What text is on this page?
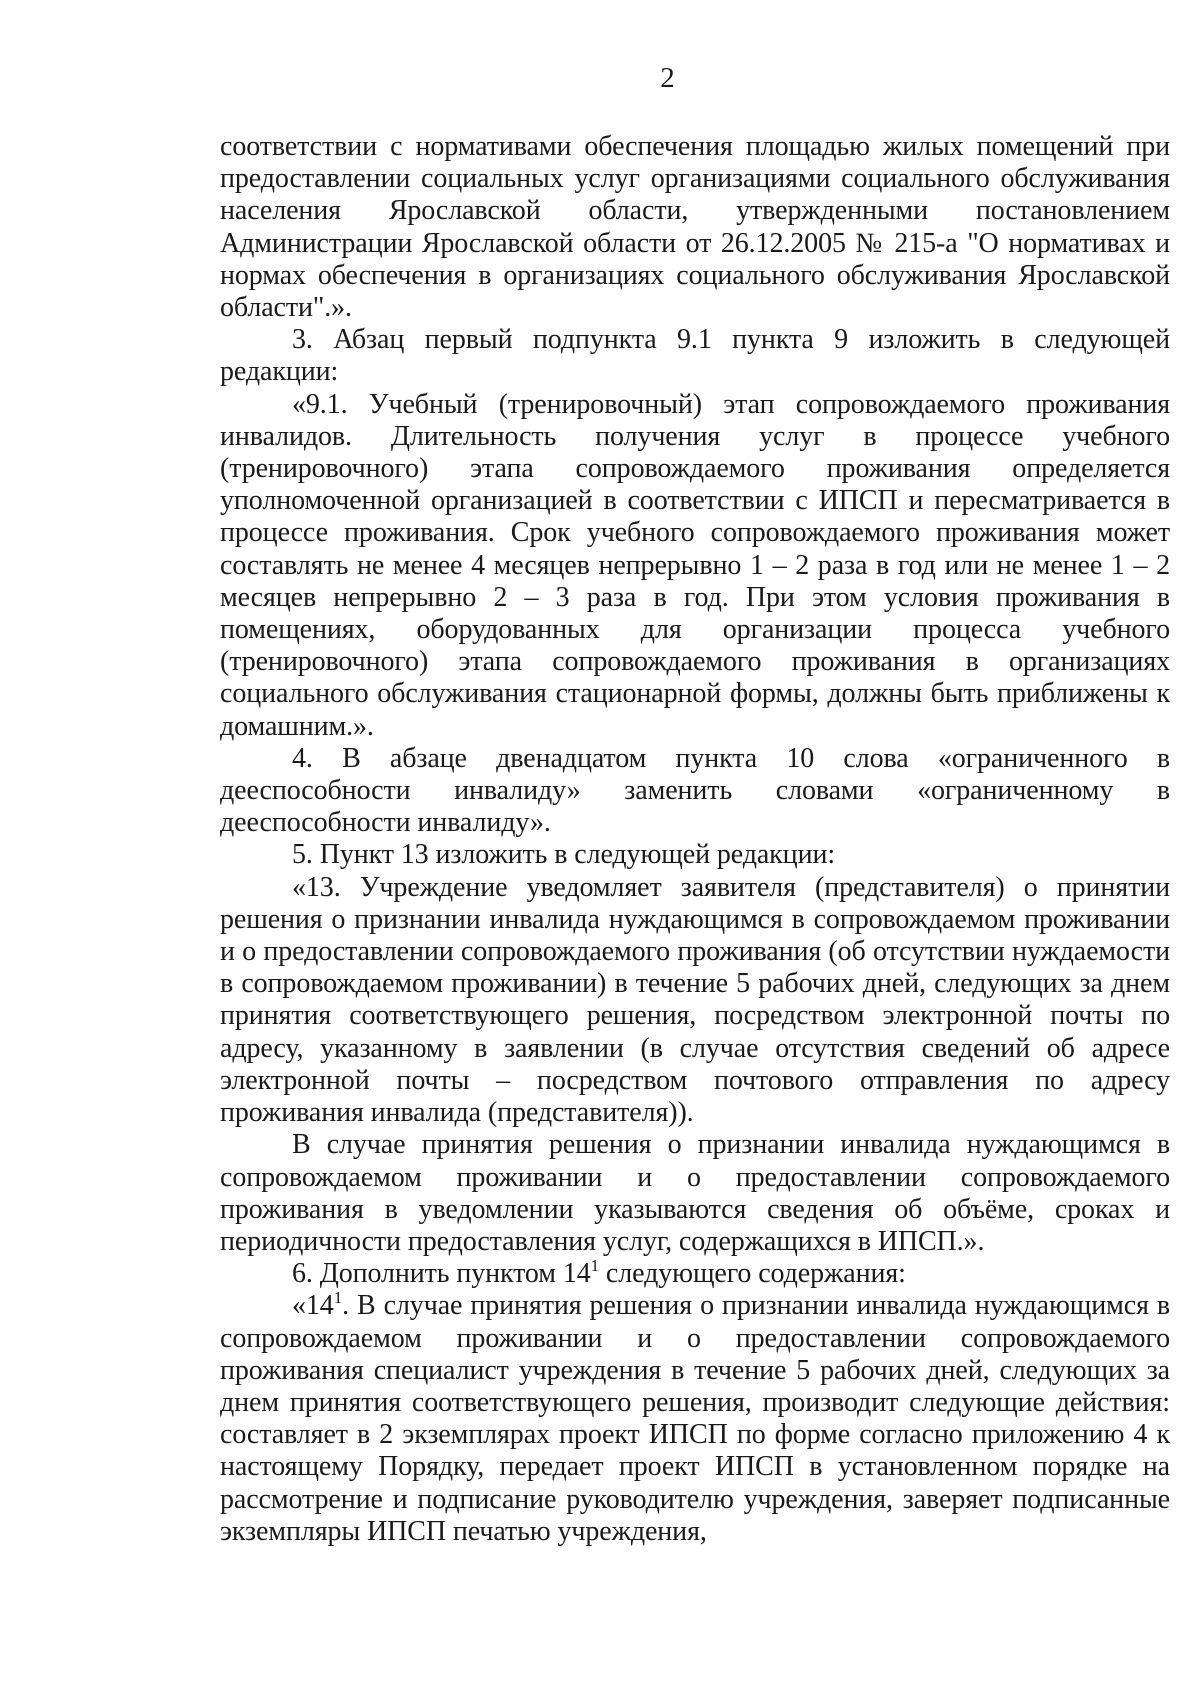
2

соответствии с нормативами обеспечения площадью жилых помещений при предоставлении социальных услуг организациями социального обслуживания населения Ярославской области, утвержденными постановлением Администрации Ярославской области от 26.12.2005 № 215-а "О нормативах и нормах обеспечения в организациях социального обслуживания Ярославской области".».

3. Абзац первый подпункта 9.1 пункта 9 изложить в следующей редакции:

«9.1. Учебный (тренировочный) этап сопровождаемого проживания инвалидов. Длительность получения услуг в процессе учебного (тренировочного) этапа сопровождаемого проживания определяется уполномоченной организацией в соответствии с ИПСП и пересматривается в процессе проживания. Срок учебного сопровождаемого проживания может составлять не менее 4 месяцев непрерывно 1 – 2 раза в год или не менее 1 – 2 месяцев непрерывно 2 – 3 раза в год. При этом условия проживания в помещениях, оборудованных для организации процесса учебного (тренировочного) этапа сопровождаемого проживания в организациях социального обслуживания стационарной формы, должны быть приближены к домашним.».

4. В абзаце двенадцатом пункта 10 слова «ограниченного в дееспособности инвалиду» заменить словами «ограниченному в дееспособности инвалиду».

5. Пункт 13 изложить в следующей редакции:

«13. Учреждение уведомляет заявителя (представителя) о принятии решения о признании инвалида нуждающимся в сопровождаемом проживании и о предоставлении сопровождаемого проживания (об отсутствии нуждаемости в сопровождаемом проживании) в течение 5 рабочих дней, следующих за днем принятия соответствующего решения, посредством электронной почты по адресу, указанному в заявлении (в случае отсутствия сведений об адресе электронной почты – посредством почтового отправления по адресу проживания инвалида (представителя)).

В случае принятия решения о признании инвалида нуждающимся в сопровождаемом проживании и о предоставлении сопровождаемого проживания в уведомлении указываются сведения об объёме, сроках и периодичности предоставления услуг, содержащихся в ИПСП.».

6. Дополнить пунктом $14^1$ следующего содержания:

«$14^1$. В случае принятия решения о признании инвалида нуждающимся в сопровождаемом проживании и о предоставлении сопровождаемого проживания специалист учреждения в течение 5 рабочих дней, следующих за днем принятия соответствующего решения, производит следующие действия: составляет в 2 экземплярах проект ИПСП по форме согласно приложению 4 к настоящему Порядку, передает проект ИПСП в установленном порядке на рассмотрение и подписание руководителю учреждения, заверяет подписанные экземпляры ИПСП печатью учреждения,
